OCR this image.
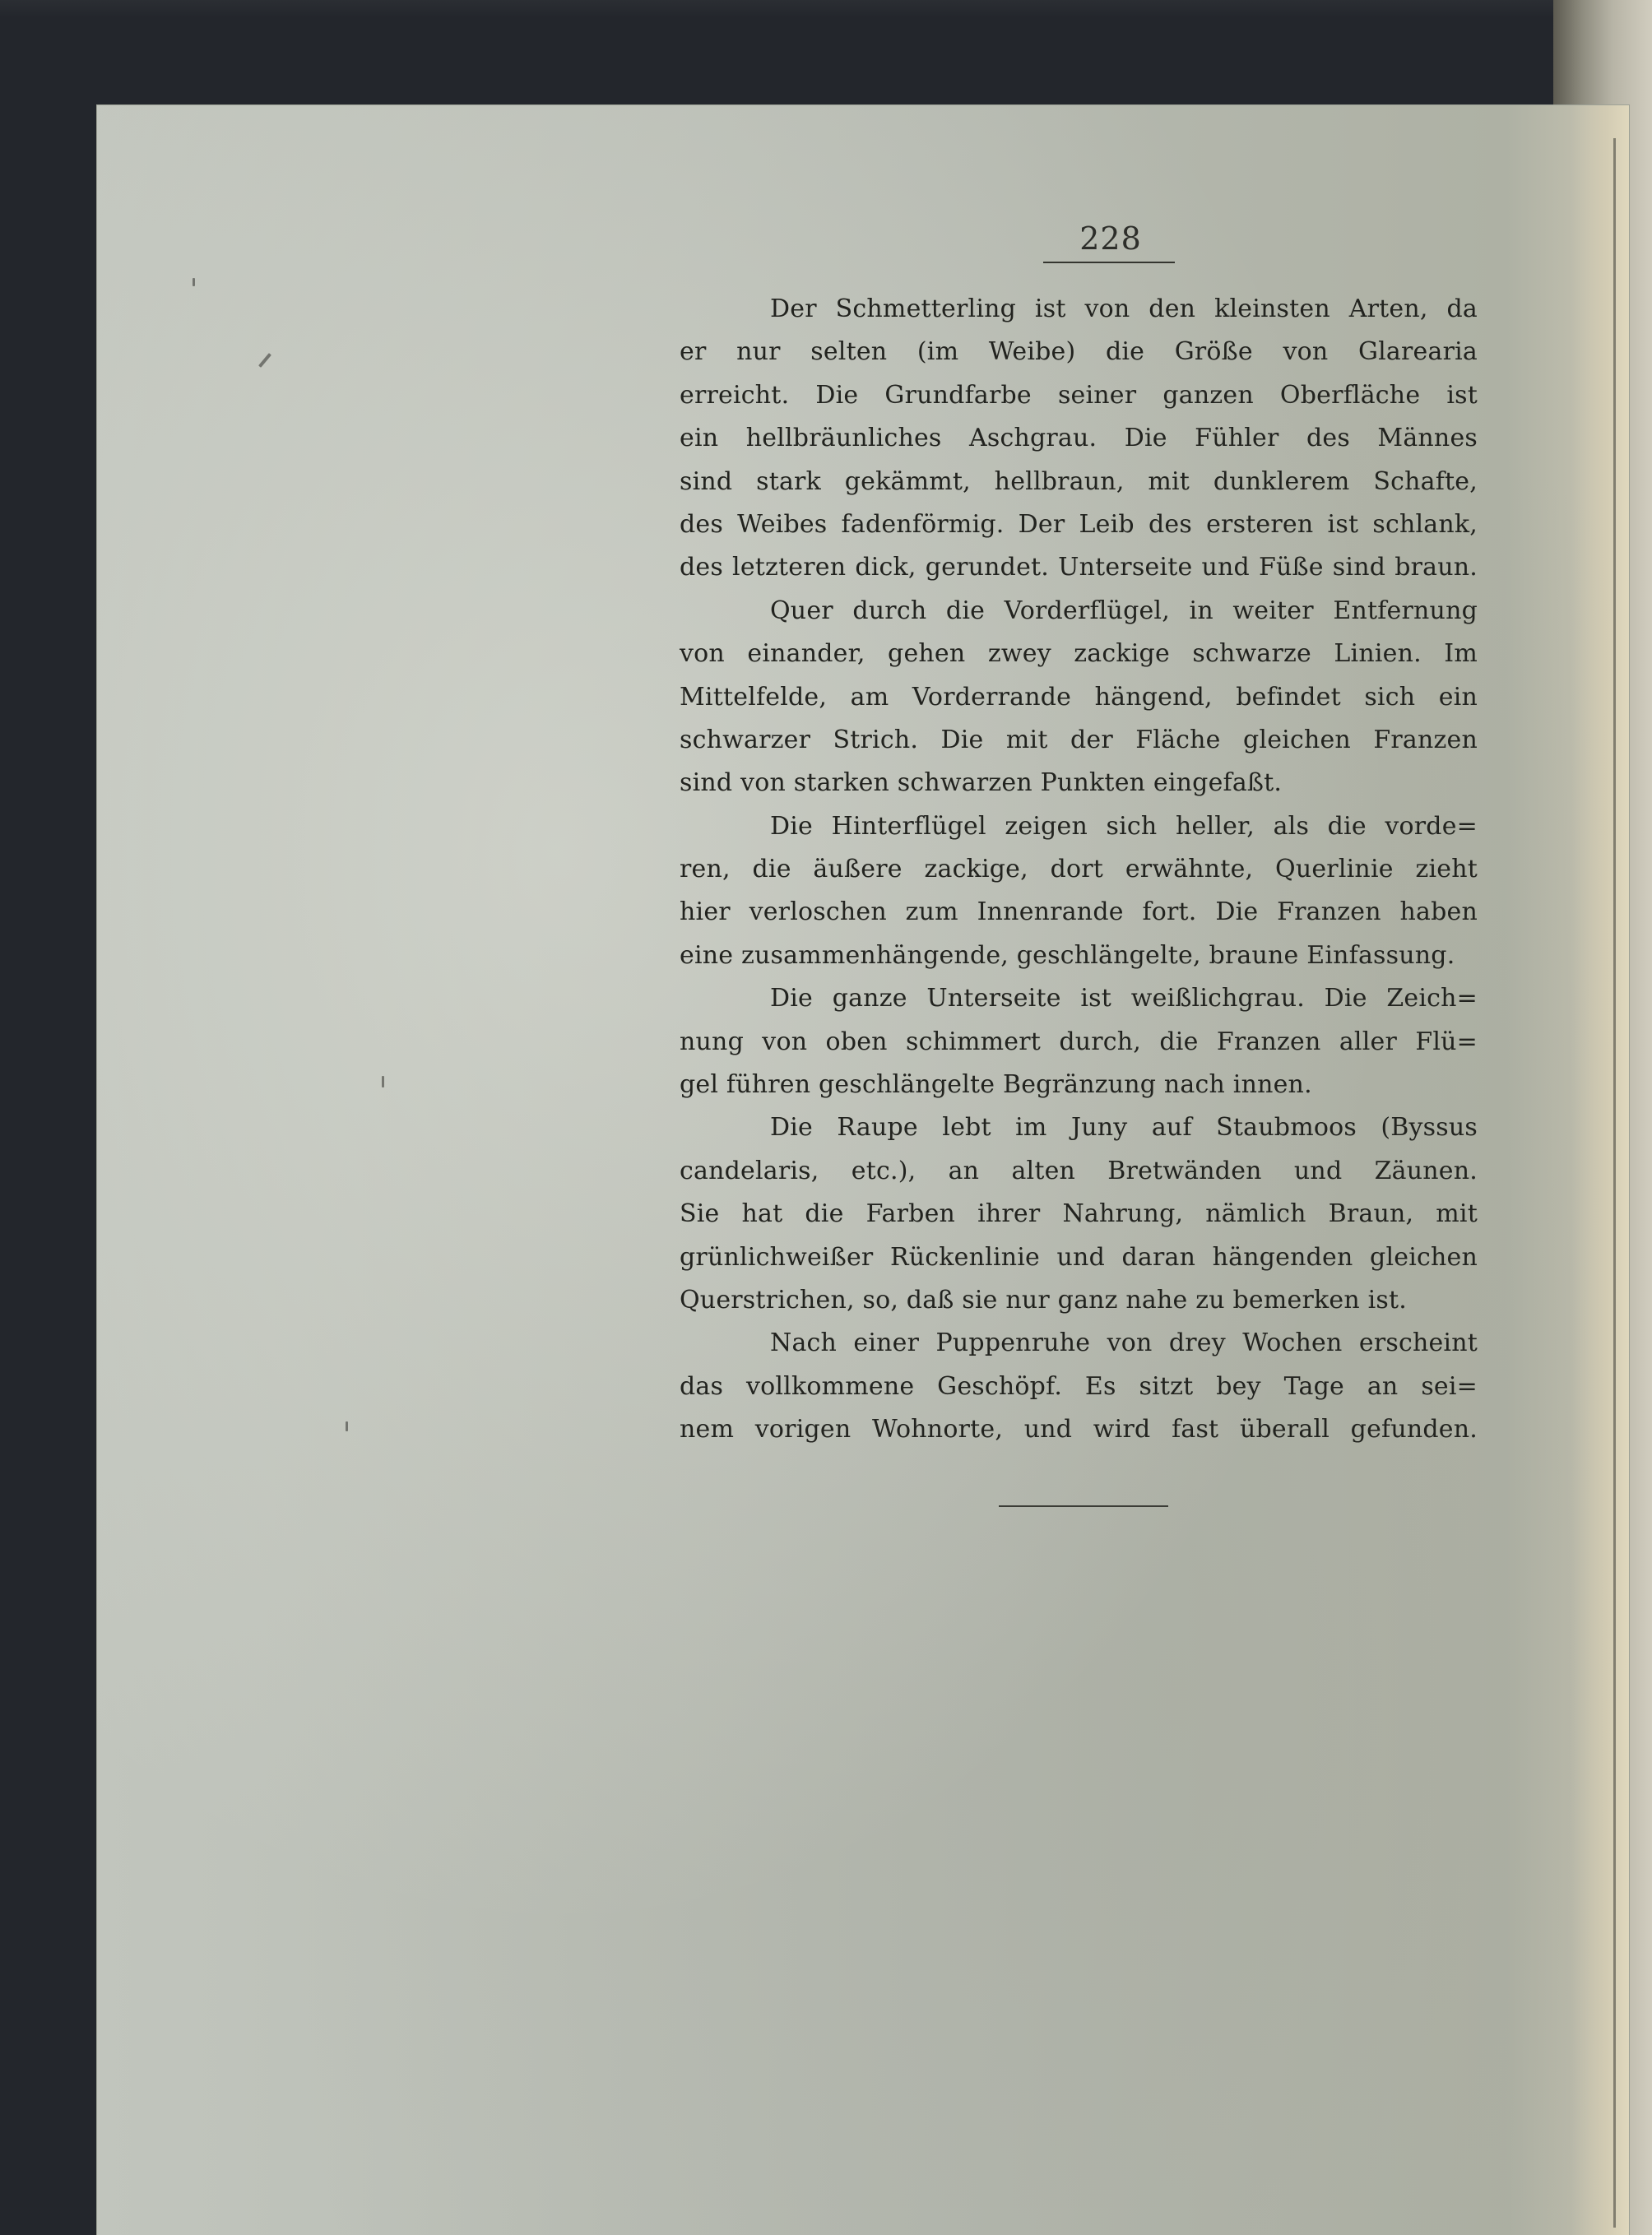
228
Der Schmetterling ist von den kleinsten Arten, da
er nur selten (im Weibe) die Größe von Glarearia
erreicht. Die Grundfarbe seiner ganzen Oberfläche ist
ein hellbräunliches Aschgrau. Die Fühler des Männes
sind stark gekämmt, hellbraun, mit dunklerem Schafte,
des Weibes fadenförmig. Der Leib des ersteren ist schlank,
des letzteren dick, gerundet. Unterseite und Füße sind braun.
Quer durch die Vorderflügel, in weiter Entfernung
von einander, gehen zwey zackige schwarze Linien. Im
Mittelfelde, am Vorderrande hängend, befindet sich ein
schwarzer Strich. Die mit der Fläche gleichen Franzen
sind von starken schwarzen Punkten eingefaßt.
Die Hinterflügel zeigen sich heller, als die vorde=
ren, die äußere zackige, dort erwähnte, Querlinie zieht
hier verloschen zum Innenrande fort. Die Franzen haben
eine zusammenhängende, geschlängelte, braune Einfassung.
Die ganze Unterseite ist weißlichgrau. Die Zeich=
nung von oben schimmert durch, die Franzen aller Flü=
gel führen geschlängelte Begränzung nach innen.
Die Raupe lebt im Juny auf Staubmoos (Byssus
candelaris, etc.), an alten Bretwänden und Zäunen.
Sie hat die Farben ihrer Nahrung, nämlich Braun, mit
grünlichweißer Rückenlinie und daran hängenden gleichen
Querstrichen, so, daß sie nur ganz nahe zu bemerken ist.
Nach einer Puppenruhe von drey Wochen erscheint
das vollkommene Geschöpf. Es sitzt bey Tage an sei=
nem vorigen Wohnorte, und wird fast überall gefunden.
